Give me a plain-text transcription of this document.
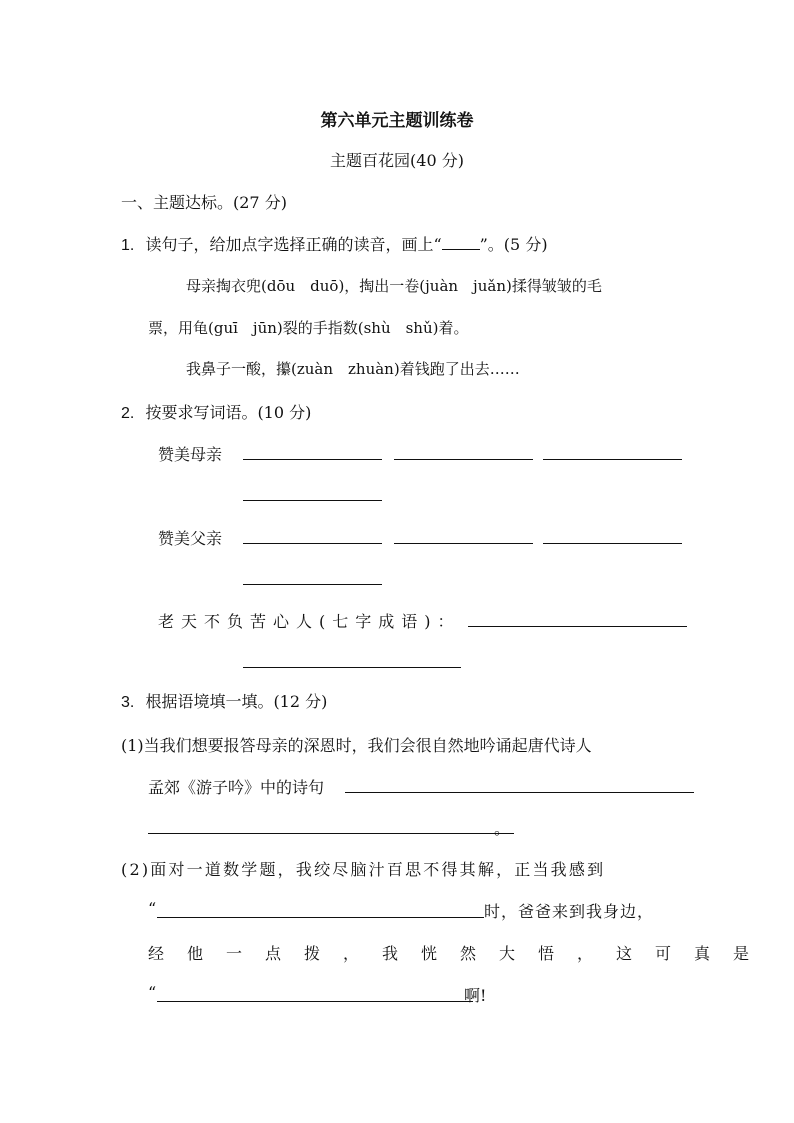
第六单元主题训练卷
主题百花园(40 分)
一、主题达标。(27 分)
1. 读句子，给加点字选择正确的读音，画上“ ”。(5 分)
母亲掏衣兜(dōu　duō)，掏出一卷(juàn　juǎn)揉得皱皱的毛
票，用龟(guī　jūn)裂的手指数(shù　shǔ)着。
我鼻子一酸，攥(zuàn　zhuàn)着钱跑了出去……
2. 按要求写词语。(10 分)
赞美母亲
赞美父亲
老天不负苦心人(七字成语)：
3. 根据语境填一填。(12 分)
(1)当我们想要报答母亲的深恩时，我们会很自然地吟诵起唐代诗人
孟郊《游子吟》中的诗句
。
(2)面对一道数学题，我绞尽脑汁百思不得其解，正当我感到
“	时，爸爸来到我身边，
经他一点拨，我恍然大悟，这可真是
“	啊!
